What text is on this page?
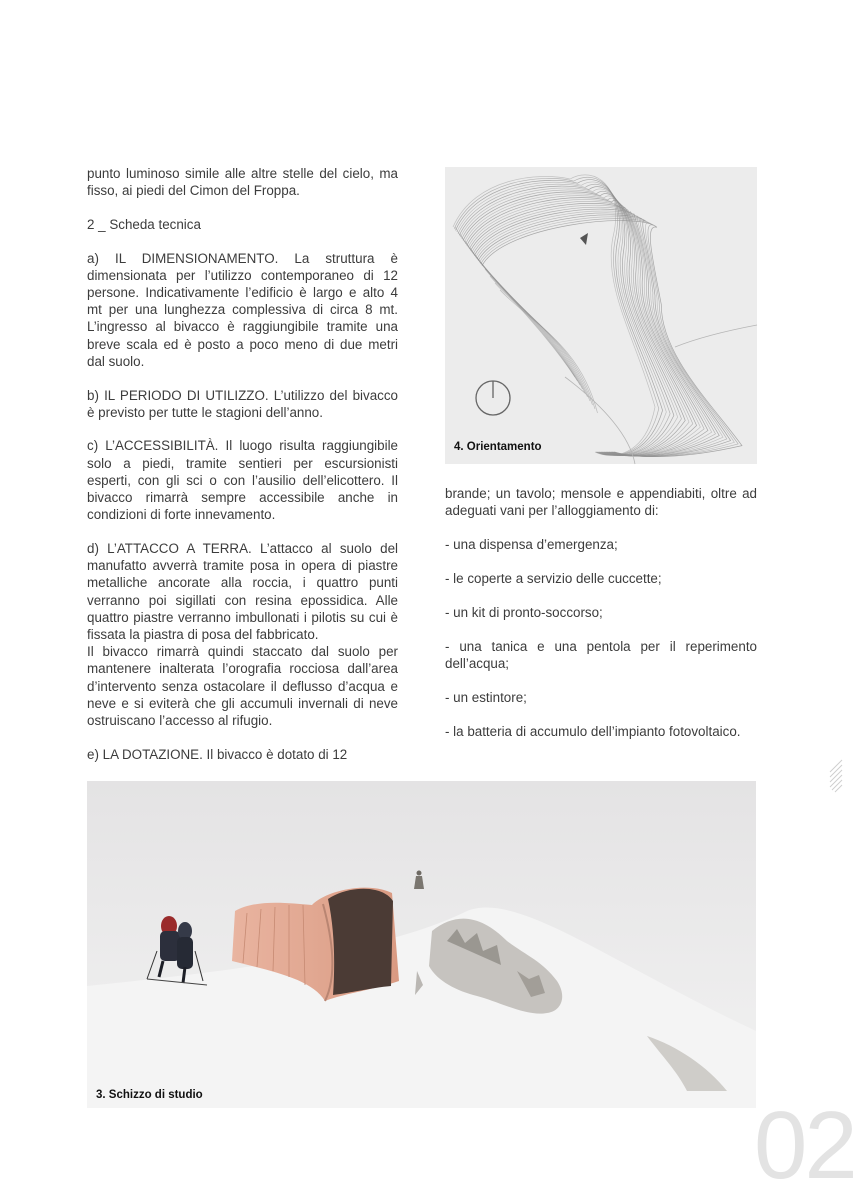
punto luminoso simile alle altre stelle del cielo, ma fisso, ai piedi del Cimon del Froppa.

2 _ Scheda tecnica

a) IL DIMENSIONAMENTO. La struttura è dimensionata per l’utilizzo contemporaneo di 12 persone. Indicativamente l’edificio è largo e alto 4 mt per una lunghezza complessiva di circa 8 mt. L’ingresso al bivacco è raggiungibile tramite una breve scala ed è posto a poco meno di due metri dal suolo.

b) IL PERIODO DI UTILIZZO. L’utilizzo del bivacco è previsto per tutte le stagioni dell’anno.

c) L’ACCESSIBILITÀ. Il luogo risulta raggiungibile solo a piedi, tramite sentieri per escursionisti esperti, con gli sci o con l’ausilio dell’elicottero. Il bivacco rimarrà sempre accessibile anche in condizioni di forte innevamento.

d) L’ATTACCO A TERRA. L’attacco al suolo del manufatto avverrà tramite posa in opera di piastre metalliche ancorate alla roccia, i quattro punti verranno poi sigillati con resina epossidica. Alle quattro piastre verranno imbullonati i pilotis su cui è fissata la piastra di posa del fabbricato.

Il bivacco rimarrà quindi staccato dal suolo per mantenere inalterata l’orografia rocciosa dall’area d’intervento senza ostacolare il deflusso d’acqua e neve e si eviterà che gli accumuli invernali di neve ostruiscano l’accesso al rifugio.

e) LA DOTAZIONE. Il bivacco è dotato di 12

4. Orientamento

brande; un tavolo; mensole e appendiabiti, oltre ad adeguati vani per l’alloggiamento di:

- una dispensa d’emergenza;

- le coperte a servizio delle cuccette;

- un kit di pronto-soccorso;

- una tanica e una pentola per il reperimento dell’acqua;

- un estintore;

- la batteria di accumulo dell’impianto fotovoltaico.

3. Schizzo di studio	02
